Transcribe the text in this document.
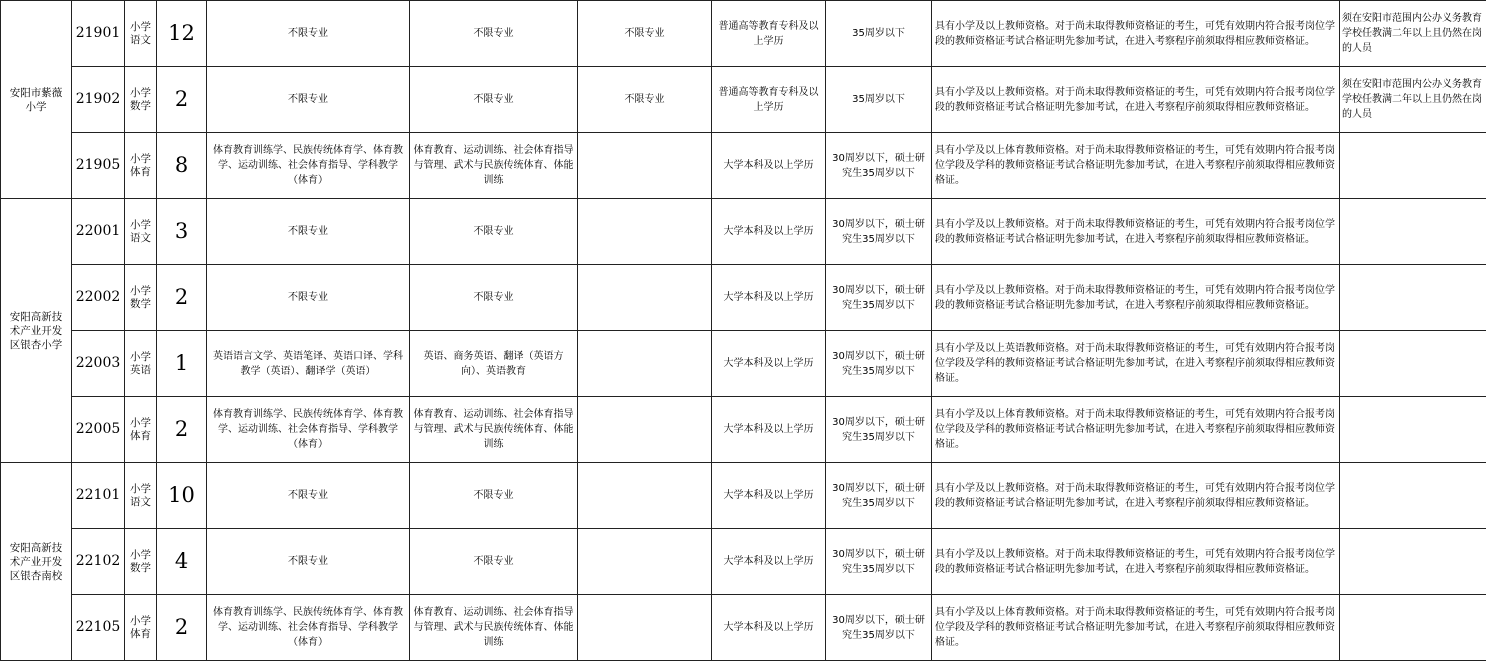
安阳市紫薇小学	21901	小学语文	12	不限专业	不限专业	不限专业	普通高等教育专科及以上学历	35周岁以下	具有小学及以上教师资格。对于尚未取得教师资格证的考生，可凭有效期内符合报考岗位学段的教师资格证考试合格证明先参加考试，在进入考察程序前须取得相应教师资格证。	须在安阳市范围内公办义务教育学校任教满二年以上且仍然在岗的人员
	21902	小学数学	2	不限专业	不限专业	不限专业	普通高等教育专科及以上学历	35周岁以下	具有小学及以上教师资格。对于尚未取得教师资格证的考生，可凭有效期内符合报考岗位学段的教师资格证考试合格证明先参加考试，在进入考察程序前须取得相应教师资格证。	须在安阳市范围内公办义务教育学校任教满二年以上且仍然在岗的人员
	21905	小学体育	8	体育教育训练学、民族传统体育学、体育教学、运动训练、社会体育指导、学科教学（体育）	体育教育、运动训练、社会体育指导与管理、武术与民族传统体育、体能训练		大学本科及以上学历	30周岁以下，硕士研究生35周岁以下	具有小学及以上体育教师资格。对于尚未取得教师资格证的考生，可凭有效期内符合报考岗位学段及学科的教师资格证考试合格证明先参加考试，在进入考察程序前须取得相应教师资格证。	
安阳高新技术产业开发区银杏小学	22001	小学语文	3	不限专业	不限专业		大学本科及以上学历	30周岁以下，硕士研究生35周岁以下	具有小学及以上教师资格。对于尚未取得教师资格证的考生，可凭有效期内符合报考岗位学段的教师资格证考试合格证明先参加考试，在进入考察程序前须取得相应教师资格证。	
	22002	小学数学	2	不限专业	不限专业		大学本科及以上学历	30周岁以下，硕士研究生35周岁以下	具有小学及以上教师资格。对于尚未取得教师资格证的考生，可凭有效期内符合报考岗位学段的教师资格证考试合格证明先参加考试，在进入考察程序前须取得相应教师资格证。	
	22003	小学英语	1	英语语言文学、英语笔译、英语口译、学科教学（英语）、翻译学（英语）	英语、商务英语、翻译（英语方向）、英语教育		大学本科及以上学历	30周岁以下，硕士研究生35周岁以下	具有小学及以上英语教师资格。对于尚未取得教师资格证的考生，可凭有效期内符合报考岗位学段及学科的教师资格证考试合格证明先参加考试，在进入考察程序前须取得相应教师资格证。	
	22005	小学体育	2	体育教育训练学、民族传统体育学、体育教学、运动训练、社会体育指导、学科教学（体育）	体育教育、运动训练、社会体育指导与管理、武术与民族传统体育、体能训练		大学本科及以上学历	30周岁以下，硕士研究生35周岁以下	具有小学及以上体育教师资格。对于尚未取得教师资格证的考生，可凭有效期内符合报考岗位学段及学科的教师资格证考试合格证明先参加考试，在进入考察程序前须取得相应教师资格证。	
安阳高新技术产业开发区银杏南校	22101	小学语文	10	不限专业	不限专业		大学本科及以上学历	30周岁以下，硕士研究生35周岁以下	具有小学及以上教师资格。对于尚未取得教师资格证的考生，可凭有效期内符合报考岗位学段的教师资格证考试合格证明先参加考试，在进入考察程序前须取得相应教师资格证。	
	22102	小学数学	4	不限专业	不限专业		大学本科及以上学历	30周岁以下，硕士研究生35周岁以下	具有小学及以上教师资格。对于尚未取得教师资格证的考生，可凭有效期内符合报考岗位学段的教师资格证考试合格证明先参加考试，在进入考察程序前须取得相应教师资格证。	
	22105	小学体育	2	体育教育训练学、民族传统体育学、体育教学、运动训练、社会体育指导、学科教学（体育）	体育教育、运动训练、社会体育指导与管理、武术与民族传统体育、体能训练		大学本科及以上学历	30周岁以下，硕士研究生35周岁以下	具有小学及以上体育教师资格。对于尚未取得教师资格证的考生，可凭有效期内符合报考岗位学段及学科的教师资格证考试合格证明先参加考试，在进入考察程序前须取得相应教师资格证。	
